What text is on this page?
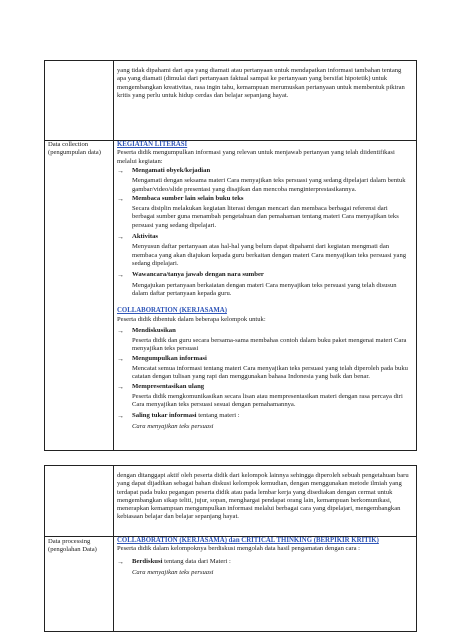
yang tidak dipahami dari apa yang diamati atau pertanyaan untuk mendapatkan informasi tambahan tentang apa yang diamati (dimulai dari pertanyaan faktual sampai ke pertanyaan yang bersifat hipotetik) untuk mengembangkan kreativitas, rasa ingin tahu, kemampuan merumuskan pertanyaan untuk membentuk pikiran kritis yang perlu untuk hidup cerdas dan belajar sepanjang hayat.

Data collection (pengumpulan data)

KEGIATAN LITERASI

Peserta didik mengumpulkan informasi yang relevan untuk menjawab pertanyan yang telah diidentifikasi melalui kegiatan:

→ Mengamati obyek/kejadian

Mengamati dengan seksama materi Cara menyajikan teks persuasi yang sedang dipelajari dalam bentuk gambar/video/slide presentasi yang disajikan dan mencoba menginterprestasikannya.

→ Membaca sumber lain selain buku teks

Secara disiplin melakukan kegiatan literasi dengan mencari dan membaca berbagai referensi dari berbagai sumber guna menambah pengetahuan dan pemahaman tentang materi Cara menyajikan teks persuasi yang sedang dipelajari.

→ Aktivitas

Menyusun daftar pertanyaan atas hal-hal yang belum dapat dipahami dari kegiatan mengmati dan membaca yang akan diajukan kepada guru berkaitan dengan materi Cara menyajikan teks persuasi yang sedang dipelajari.

→ Wawancara/tanya jawab dengan nara sumber

Mengajukan pertanyaan berkaiatan dengan materi Cara menyajikan teks persuasi yang telah disusun dalam daftar pertanyaan kepada guru.

COLLABORATION (KERJASAMA)

Peserta didik dibentuk dalam beberapa kelompok untuk:

→ Mendiskusikan

Peserta didik dan guru secara bersama-sama membahas contoh dalam buku paket mengenai materi Cara menyajikan teks persuasi

→ Mengumpulkan informasi

Mencatat semua informasi tentang materi Cara menyajikan teks persuasi yang telah diperoleh pada buku catatan dengan tulisan yang rapi dan menggunakan bahasa Indonesia yang baik dan benar.

→ Mempresentasikan ulang

Peserta didik mengkomunikasikan secara lisan atau mempresentasikan materi dengan rasa percaya diri Cara menyajikan teks persuasi sesuai dengan pemahamannya.

→ Saling tukar informasi tentang materi :

Cara menyajikan teks persuasi

dengan ditanggapi aktif oleh peserta didik dari kelompok lainnya sehingga diperoleh sebuah pengetahuan baru yang dapat dijadikan sebagai bahan diskusi kelompok kemudian, dengan menggunakan metode ilmiah yang terdapat pada buku pegangan peserta didik atau pada lembar kerja yang disediakan dengan cermat untuk mengembangkan sikap teliti, jujur, sopan, menghargai pendapat orang lain, kemampuan berkomunikasi, menerapkan kemampuan mengumpulkan informasi melalui berbagai cara yang dipelajari, mengembangkan kebiasaan belajar dan belajar sepanjang hayat.

Data processing (pengolahan Data)

COLLABORATION (KERJASAMA) dan CRITICAL THINKING (BERPIKIR KRITIK)

Peserta didik dalam kelompoknya berdiskusi mengolah data hasil pengamatan dengan cara :

→ Berdiskusi tentang data dari Materi :

Cara menyajikan teks persuasi
